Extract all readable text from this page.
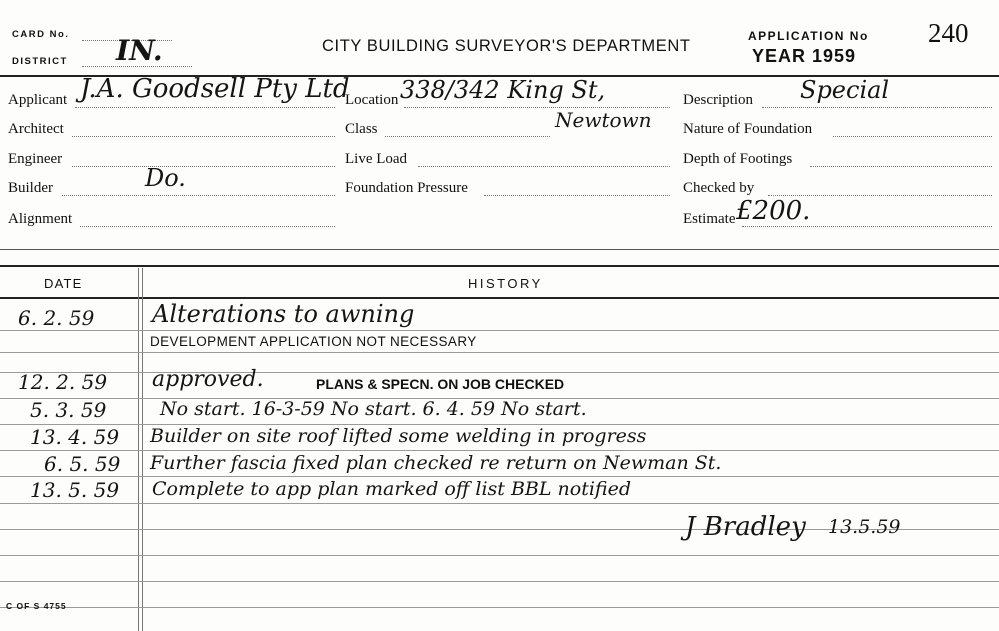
CARD No.
DISTRICT IN.	CITY BUILDING SURVEYOR'S DEPARTMENT
APPLICATION No 240
YEAR 1959
Applicant J.A. Goodsell Pty Ltd
Architect
Engineer
Builder	Do.
Alignment
Location 338/342 King St,
Newtown
Class
Live Load
Foundation Pressure
Description Special
Nature of Foundation
Depth of Footings
Checked by
Estimate £200.
DATE	HISTORY
6. 2. 59 Alterations to awning
DEVELOPMENT APPLICATION NOT NECESSARY
12. 2. 59 approved.	PLANS & SPECN. ON JOB CHECKED
5. 3. 59	No start. 16-3-59 No start. 6. 4. 59 No start.
13. 4. 59 Builder on site roof lifted some welding in progress
6. 5. 59 Further fascia fixed plan checked re return on Newman St.
13. 5. 59 Complete to app plan marked off list BBL notified
J Bradley 13.5.59
C OF S 4755
